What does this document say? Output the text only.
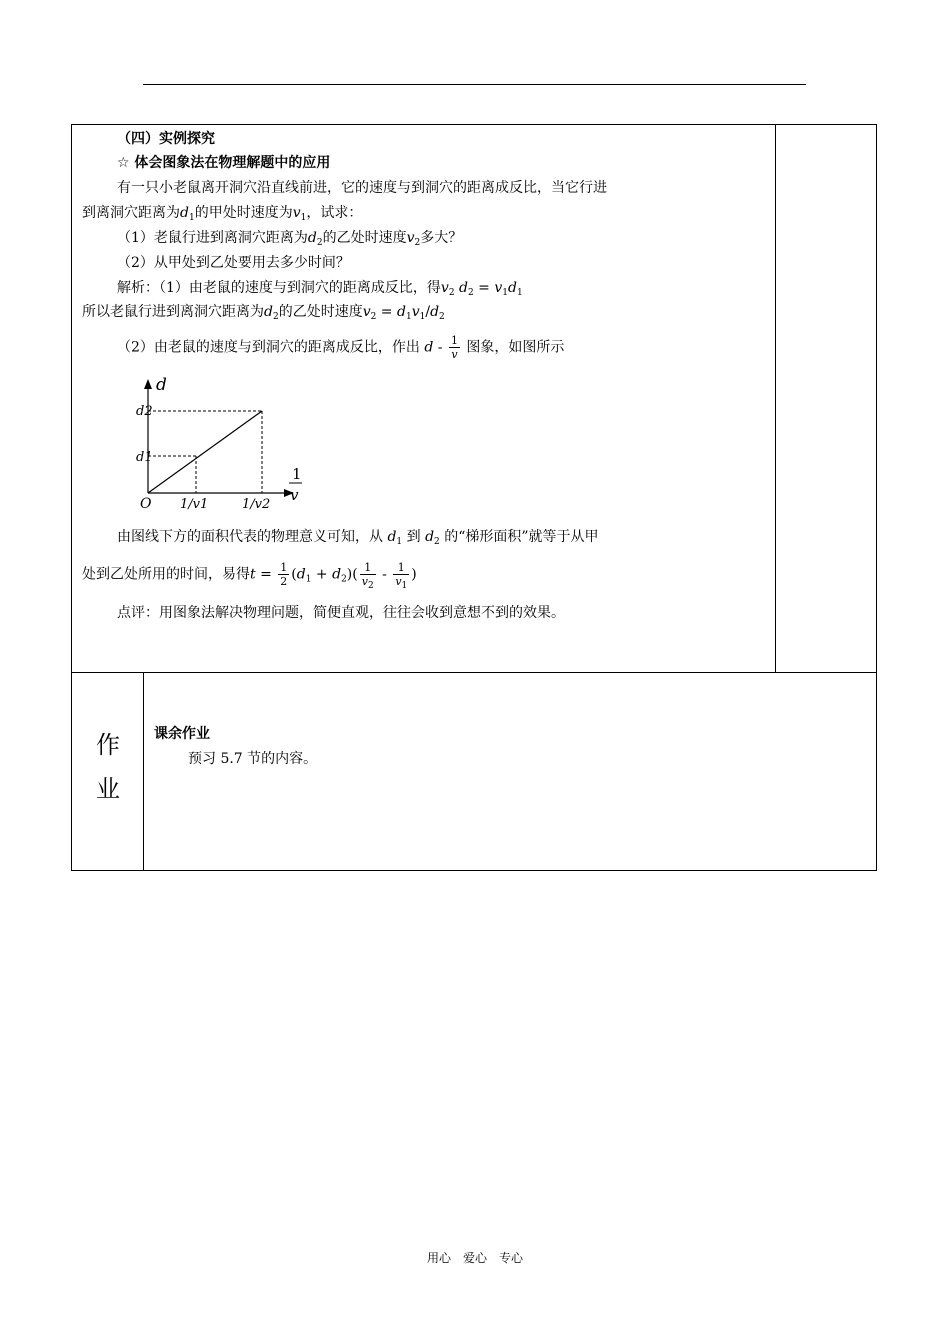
（四）实例探究
☆ 体会图象法在物理解题中的应用
有一只小老鼠离开洞穴沿直线前进，它的速度与到洞穴的距离成反比，当它行进
到离洞穴距离为$d_1$的甲处时速度为$v_1$，试求：
（1）老鼠行进到离洞穴距离为$d_2$的乙处时速度$v_2$多大？
（2）从甲处到乙处要用去多少时间？
解析：（1）由老鼠的速度与到洞穴的距离成反比，得$v_2$ $d_2 = v_1d_1$
所以老鼠行进到离洞穴距离为$d_2$的乙处时速度$v_2 = d_1v_1/d_2$
（2）由老鼠的速度与到洞穴的距离成反比，作出 d - $\frac{1}{v}$ 图象，如图所示
d
d2
d1
O 1/v1	1/v2
1
v
由图线下方的面积代表的物理意义可知，从 $d_1$ 到 $d_2$ 的“梯形面积”就等于从甲
处到乙处所用的时间，易得$t = \frac{1}{2} (d_1 + d_2)( \frac{1}{v_2} - \frac{1}{v_1}$ )
点评：用图象法解决物理问题，简便直观，往往会收到意想不到的效果。
作
业
课余作业
预习 5.7 节的内容。
用心　爱心　专心
